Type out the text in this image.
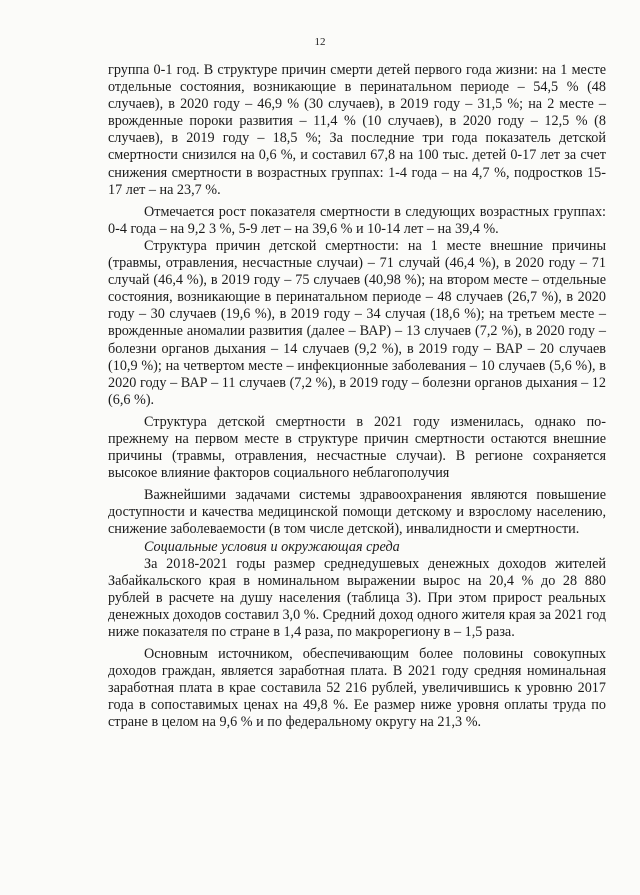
12

группа 0-1 год. В структуре причин смерти детей первого года жизни: на 1 месте отдельные состояния, возникающие в перинатальном периоде – 54,5 % (48 случаев), в 2020 году – 46,9 % (30 случаев), в 2019 году – 31,5 %; на 2 месте – врожденные пороки развития – 11,4 % (10 случаев), в 2020 году – 12,5 % (8 случаев), в 2019 году – 18,5 %; За последние три года показатель детской смертности снизился на 0,6 %, и составил 67,8 на 100 тыс. детей 0-17 лет за счет снижения смертности в возрастных группах: 1-4 года – на 4,7 %, подростков 15-17 лет – на 23,7 %.

Отмечается рост показателя смертности в следующих возрастных группах: 0-4 года – на 9,2 3 %, 5-9 лет – на 39,6 % и 10-14 лет – на 39,4 %.

Структура причин детской смертности: на 1 месте внешние причины (травмы, отравления, несчастные случаи) – 71 случай (46,4 %), в 2020 году – 71 случай (46,4 %), в 2019 году – 75 случаев (40,98 %); на втором месте – отдельные состояния, возникающие в перинатальном периоде – 48 случаев (26,7 %), в 2020 году – 30 случаев (19,6 %), в 2019 году – 34 случая (18,6 %); на третьем месте – врожденные аномалии развития (далее – ВАР) – 13 случаев (7,2 %), в 2020 году – болезни органов дыхания – 14 случаев (9,2 %), в 2019 году – ВАР – 20 случаев (10,9 %); на четвертом месте – инфекционные заболевания – 10 случаев (5,6 %), в 2020 году – ВАР – 11 случаев (7,2 %), в 2019 году – болезни органов дыхания – 12 (6,6 %).

Структура детской смертности в 2021 году изменилась, однако по-прежнему на первом месте в структуре причин смертности остаются внешние причины (травмы, отравления, несчастные случаи). В регионе сохраняется высокое влияние факторов социального неблагополучия

Важнейшими задачами системы здравоохранения являются повышение доступности и качества медицинской помощи детскому и взрослому населению, снижение заболеваемости (в том числе детской), инвалидности и смертности.

Социальные условия и окружающая среда

За 2018-2021 годы размер среднедушевых денежных доходов жителей Забайкальского края в номинальном выражении вырос на 20,4 % до 28 880 рублей в расчете на душу населения (таблица 3). При этом прирост реальных денежных доходов составил 3,0 %. Средний доход одного жителя края за 2021 год ниже показателя по стране в 1,4 раза, по макрорегиону в – 1,5 раза.

Основным источником, обеспечивающим более половины совокупных доходов граждан, является заработная плата. В 2021 году средняя номинальная заработная плата в крае составила 52 216 рублей, увеличившись к уровню 2017 года в сопоставимых ценах на 49,8 %. Ее размер ниже уровня оплаты труда по стране в целом на 9,6 % и по федеральному округу на 21,3 %.
